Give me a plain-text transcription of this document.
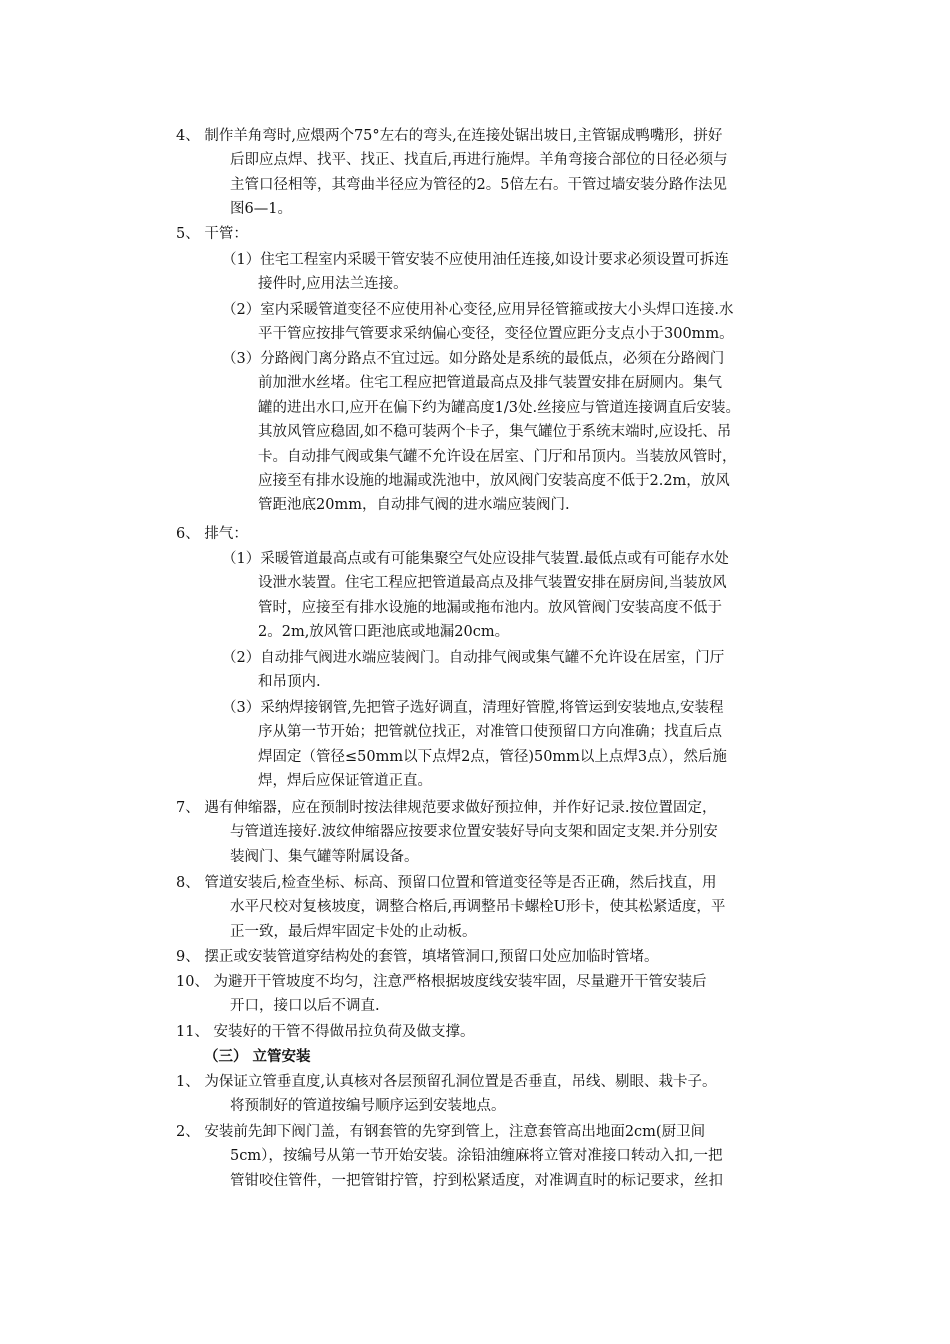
4、 制作羊角弯时,应煨两个75°左右的弯头,在连接处锯出坡日,主管锯成鸭嘴形，拼好
后即应点焊、找平、找正、找直后,再进行施焊。羊角弯接合部位的日径必须与
主管口径相等，其弯曲半径应为管径的2。5倍左右。干管过墙安装分路作法见
图6—1。
5、 干管：
（1）住宅工程室内采暖干管安装不应使用油任连接,如设计要求必须设置可拆连
接件时,应用法兰连接。
（2）室内采暖管道变径不应使用补心变径,应用异径管箍或按大小头焊口连接.水
平干管应按排气管要求采纳偏心变径，变径位置应距分支点小于300mm。
（3）分路阀门离分路点不宜过远。如分路处是系统的最低点，必须在分路阀门
前加泄水丝堵。住宅工程应把管道最高点及排气装置安排在厨厕内。集气
罐的进出水口,应开在偏下约为罐高度1/3处.丝接应与管道连接调直后安装。
其放风管应稳固,如不稳可装两个卡子，集气罐位于系统末端时,应设托、吊
卡。自动排气阀或集气罐不允许设在居室、门厅和吊顶内。当装放风管时，
应接至有排水设施的地漏或洗池中，放风阀门安装高度不低于2.2m，放风
管距池底20mm，自动排气阀的进水端应装阀门.
6、 排气：
（1）采暖管道最高点或有可能集聚空气处应设排气装置.最低点或有可能存水处
设泄水装置。住宅工程应把管道最高点及排气装置安排在厨房间,当装放风
管时，应接至有排水设施的地漏或拖布池内。放风管阀门安装高度不低于
2。2m,放风管口距池底或地漏20cm。
（2）自动排气阀进水端应装阀门。自动排气阀或集气罐不允许设在居室，门厅
和吊顶内.
（3）采纳焊接钢管,先把管子选好调直，清理好管膛,将管运到安装地点,安装程
序从第一节开始；把管就位找正，对准管口使预留口方向准确；找直后点
焊固定（管径≤50mm以下点焊2点，管径)50mm以上点焊3点），然后施
焊，焊后应保证管道正直。
7、 遇有伸缩器，应在预制时按法律规范要求做好预拉伸，并作好记录.按位置固定，
与管道连接好.波纹伸缩器应按要求位置安装好导向支架和固定支架.并分别安
装阀门、集气罐等附属设备。
8、 管道安装后,检查坐标、标高、预留口位置和管道变径等是否正确，然后找直，用
水平尺校对复核坡度，调整合格后,再调整吊卡螺栓U形卡，使其松紧适度，平
正一致，最后焊牢固定卡处的止动板。
9、 摆正或安装管道穿结构处的套管，填堵管洞口,预留口处应加临时管堵。
10、 为避开干管坡度不均匀，注意严格根据坡度线安装牢固，尽量避开干管安装后
开口，接口以后不调直.
11、 安装好的干管不得做吊拉负荷及做支撑。
（三） 立管安装
1、 为保证立管垂直度,认真核对各层预留孔洞位置是否垂直，吊线、剔眼、栽卡子。
将预制好的管道按编号顺序运到安装地点。
2、 安装前先卸下阀门盖，有钢套管的先穿到管上，注意套管高出地面2cm(厨卫间
5cm），按编号从第一节开始安装。涂铅油缠麻将立管对准接口转动入扣,一把
管钳咬住管件，一把管钳拧管，拧到松紧适度，对准调直时的标记要求，丝扣
